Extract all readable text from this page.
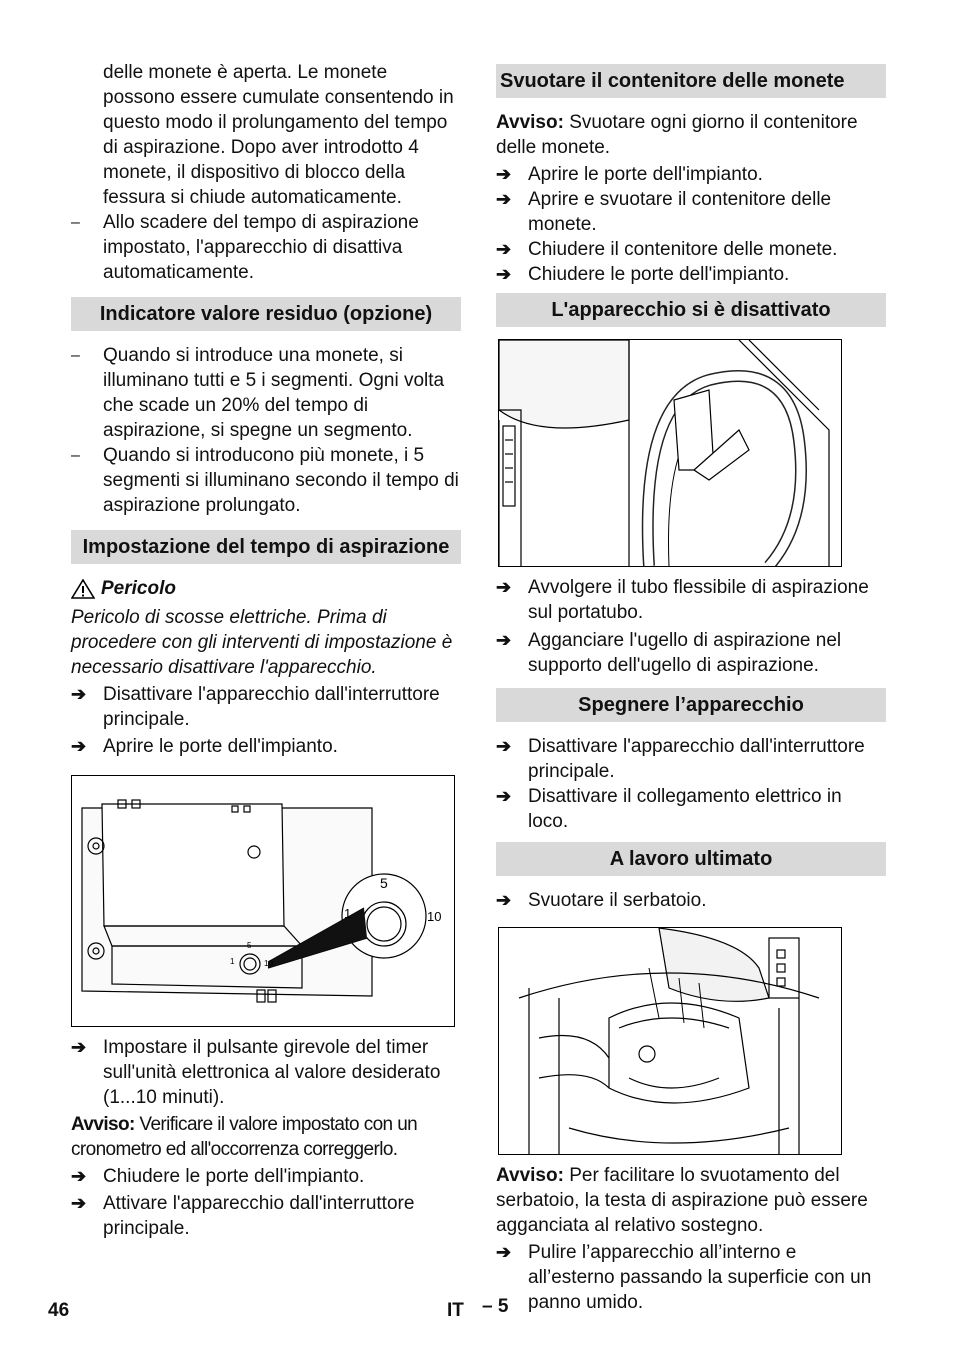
delle monete è aperta. Le monete possono essere cumulate consentendo in questo modo il prolungamento del tempo di aspirazione. Dopo aver introdotto 4 monete, il dispositivo di blocco della fessura si chiude automaticamente.

–	Allo scadere del tempo di aspirazione impostato, l'apparecchio di disattiva automaticamente.
Indicatore valore residuo (opzione)
–	Quando si introduce una monete, si illuminano tutti e 5 i segmenti. Ogni volta che scade un 20% del tempo di aspirazione, si spegne un segmento.
–	Quando si introducono più monete, i 5 segmenti si illuminano secondo il tempo di aspirazione prolungato.
Impostazione del tempo di aspirazione
Pericolo
Pericolo di scosse elettriche. Prima di procedere con gli interventi di impostazione è necessario disattivare l'apparecchio.
➔ Disattivare l'apparecchio dall'interruttore principale.
➔ Aprire le porte dell'impianto.
5
1	10
5
1	10
➔ Impostare il pulsante girevole del timer sull'unità elettronica al valore desiderato (1...10 minuti).
Avviso: Verificare il valore impostato con un cronometro ed all'occorrenza correggerlo.
➔ Chiudere le porte dell'impianto.
➔ Attivare l'apparecchio dall'interruttore principale.
Svuotare il contenitore delle monete
Avviso: Svuotare ogni giorno il contenitore delle monete.
➔ Aprire le porte dell'impianto.
➔ Aprire e svuotare il contenitore delle monete.
➔ Chiudere il contenitore delle monete.
➔ Chiudere le porte dell'impianto.
L'apparecchio si è disattivato
➔ Avvolgere il tubo flessibile di aspirazione sul portatubo.
➔ Agganciare l'ugello di aspirazione nel supporto dell'ugello di aspirazione.
Spegnere l’apparecchio
➔ Disattivare l'apparecchio dall'interruttore principale.
➔ Disattivare il collegamento elettrico in loco.
A lavoro ultimato
➔ Svuotare il serbatoio.
Avviso: Per facilitare lo svuotamento del serbatoio, la testa di aspirazione può essere agganciata al relativo sostegno.
➔ Pulire l’apparecchio all’interno e all’esterno passando la superficie con un panno umido.
46	IT – 5
